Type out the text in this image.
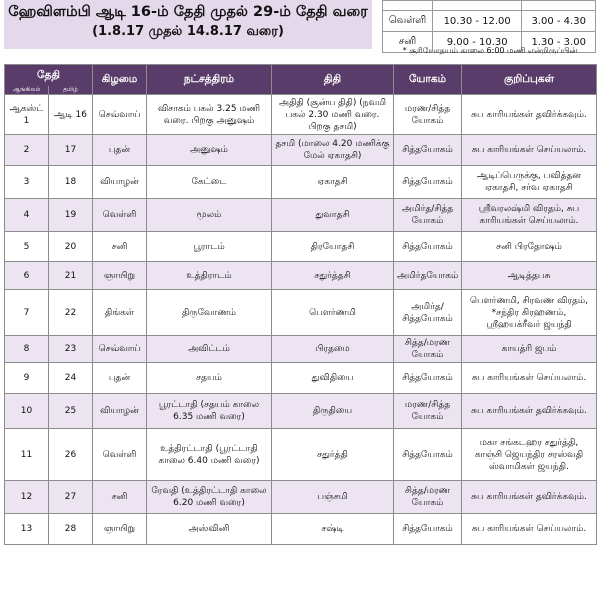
ஹேவிளம்பி ஆடி 16-ம் தேதி முதல் 29-ம் தேதி வரை
(1.8.17 முதல் 14.8.17 வரை)

வெள்ளி	10.30 - 12.00	3.00 - 4.30
சனி	9.00 - 10.30	1.30 - 3.00
* சூரியோதயம் காலை 6:00 மணி என்றிருப்பின்
தேதி		கிழமை	நட்சத்திரம்	திதி	யோகம்	குறிப்புகள்
ஆங்கிலம்	தமிழ்					
ஆகஸ்ட் 1	ஆடி 16	செவ்வாய்	விசாகம் பகல் 3.25 மணி வரை. பிறகு அனுஷம்	அதிதி (சூன்ய திதி) (நவமி பகல் 2.30 மணி வரை. பிறகு தசமி)	மரண/சித்த யோகம்	சுப காரியங்கள் தவிர்க்கவும்.
2	17	புதன்	அனுஷம்	தசமி (மாலை 4.20 மணிக்கு மேல் ஏகாதசி)	சித்தயோகம்	சுப காரியங்கள் செய்யலாம்.
3	18	வியாழன்	கேட்டை	ஏகாதசி	சித்தயோகம்	ஆடிப்பெருக்கு, பவித்தன ஏகாதசி, சர்வ ஏகாதசி
4	19	வெள்ளி	மூலம்	துவாதசி	அமிர்த/சித்த யோகம்	ஸ்ரீவரலஷ்மி விரதம், சுப காரியங்கள் செய்யலாம்.
5	20	சனி	பூராடம்	திரயோதசி	சித்தயோகம்	சனி பிரதோஷம்
6	21	ஞாயிறு	உத்திராடம்	சதுர்த்தசி	அமிர்தயோகம்	ஆடித்தபசு
7	22	திங்கள்	திருவோணம்	பௌர்ணமி	அமிர்த/ சித்தயோகம்	பௌர்ணமி, சிரவண விரதம், *சந்திர கிரஹணம், ஸ்ரீஹயக்ரீவர் ஜயந்தி
8	23	செவ்வாய்	அவிட்டம்	பிரதமை	சித்த/மரண யோகம்	காயத்ரி ஜபம்
9	24	புதன்	சதயம்	துவிதியை	சித்தயோகம்	சுப காரியங்கள் செய்யலாம்.
10	25	வியாழன்	பூரட்டாதி (சதயம் காலை 6.35 மணி வரை)	திருதியை	மரண/சித்த யோகம்	சுப காரியங்கள் தவிர்க்கவும்.
11	26	வெள்ளி	உத்திரட்டாதி (பூரட்டாதி காலை 6.40 மணி வரை)	சதுர்த்தி	சித்தயோகம்	மகா சங்கடஹர சதுர்த்தி, காஞ்சி ஜெயந்திர சரஸ்வதி ஸ்வாமிகள் ஜயந்தி.
12	27	சனி	ரேவதி (உத்திரட்டாதி காலை 6.20 மணி வரை)	பஞ்சமி	சித்த/மரண யோகம்	சுப காரியங்கள் தவிர்க்கவும்.
13	28	ஞாயிறு	அஸ்வினி	சஷ்டி	சித்தயோகம்	சுப காரியங்கள் செய்யலாம்.
